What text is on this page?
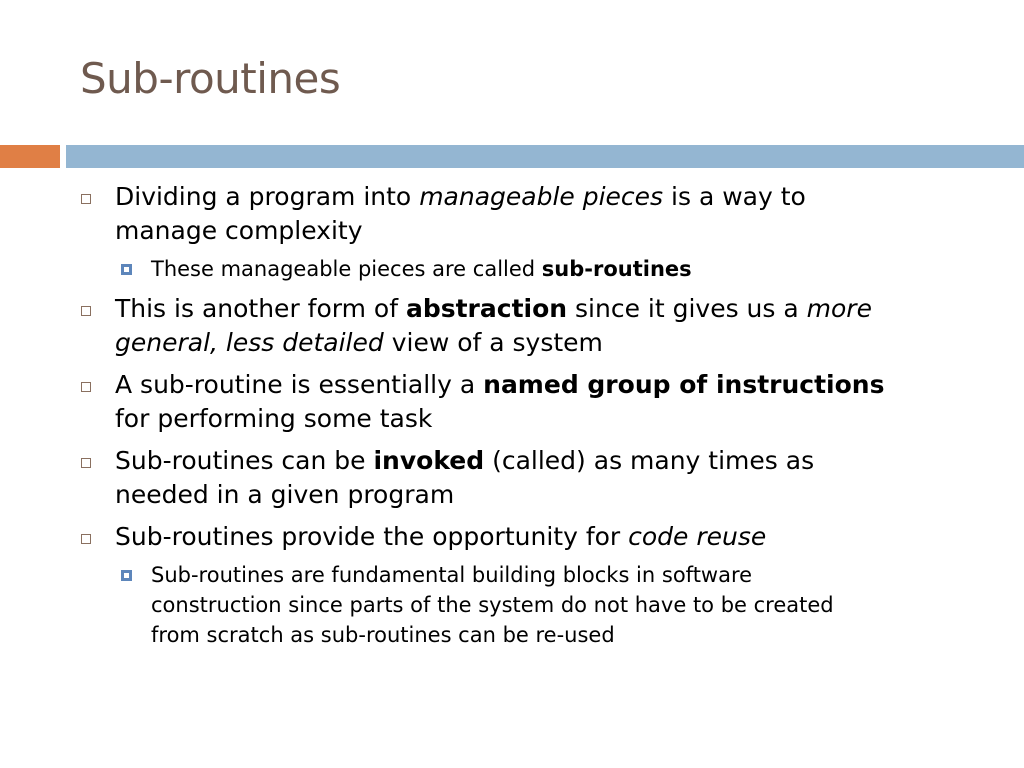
Sub-routines
Dividing a program into manageable pieces is a way to
manage complexity
These manageable pieces are called sub-routines
This is another form of abstraction since it gives us a more
general, less detailed view of a system
A sub-routine is essentially a named group of instructions
for performing some task
Sub-routines can be invoked (called) as many times as
needed in a given program
Sub-routines provide the opportunity for code reuse
Sub-routines are fundamental building blocks in software
construction since parts of the system do not have to be created
from scratch as sub-routines can be re-used
